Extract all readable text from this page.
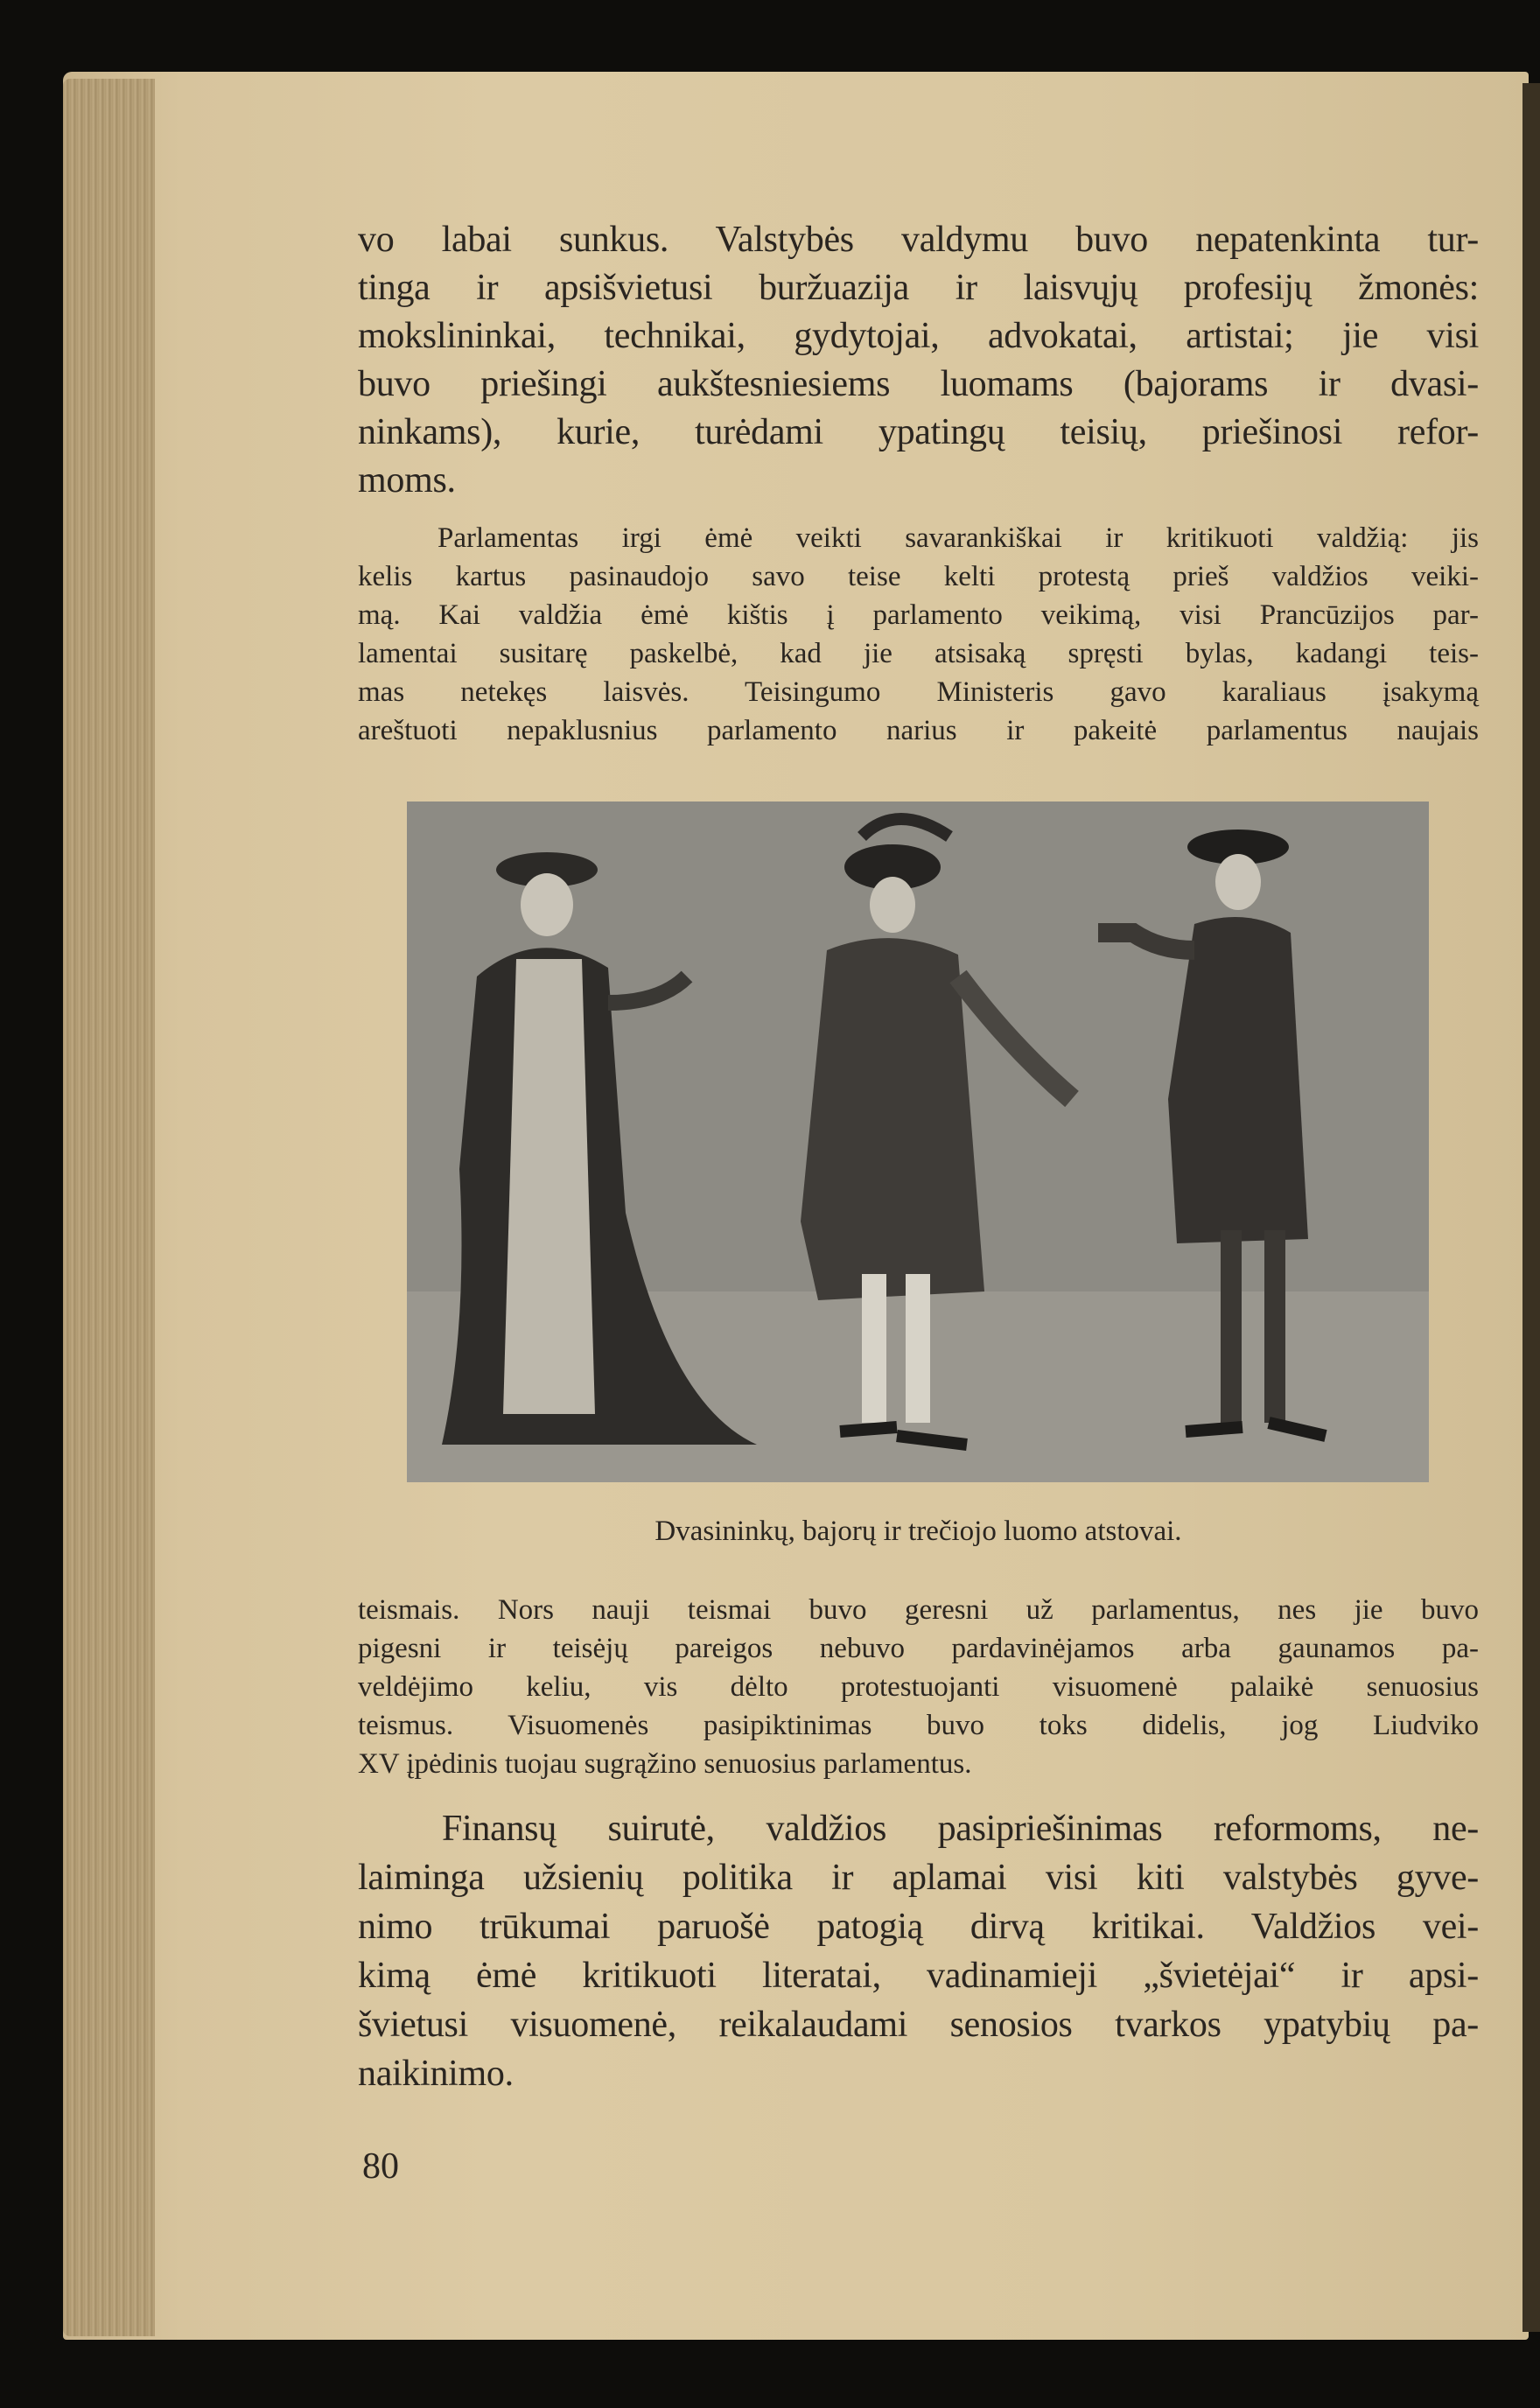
vo labai sunkus. Valstybės valdymu buvo nepatenkinta tur-
tinga ir apsišvietusi buržuazija ir laisvųjų profesijų žmonės:
mokslininkai, technikai, gydytojai, advokatai, artistai; jie visi
buvo priešingi aukštesniesiems luomams (bajorams ir dvasi-
ninkams), kurie, turėdami ypatingų teisių, priešinosi refor-
moms.
Parlamentas irgi ėmė veikti savarankiškai ir kritikuoti valdžią: jis
kelis kartus pasinaudojo savo teise kelti protestą prieš valdžios veiki-
mą. Kai valdžia ėmė kištis į parlamento veikimą, visi Prancūzijos par-
lamentai susitarę paskelbė, kad jie atsisaką spręsti bylas, kadangi teis-
mas netekęs laisvės. Teisingumo Ministeris gavo karaliaus įsakymą
areštuoti nepaklusnius parlamento narius ir pakeitė parlamentus naujais
Dvasininkų, bajorų ir trečiojo luomo atstovai.
teismais. Nors nauji teismai buvo geresni už parlamentus, nes jie buvo
pigesni ir teisėjų pareigos nebuvo pardavinėjamos arba gaunamos pa-
veldėjimo keliu, vis dėlto protestuojanti visuomenė palaikė senuosius
teismus. Visuomenės pasipiktinimas buvo toks didelis, jog Liudviko
XV įpėdinis tuojau sugrąžino senuosius parlamentus.
Finansų suirutė, valdžios pasipriešinimas reformoms, ne-
laiminga užsienių politika ir aplamai visi kiti valstybės gyve-
nimo trūkumai paruošė patogią dirvą kritikai. Valdžios vei-
kimą ėmė kritikuoti literatai, vadinamieji „švietėjai“ ir apsi-
švietusi visuomenė, reikalaudami senosios tvarkos ypatybių pa-
naikinimo.
80
